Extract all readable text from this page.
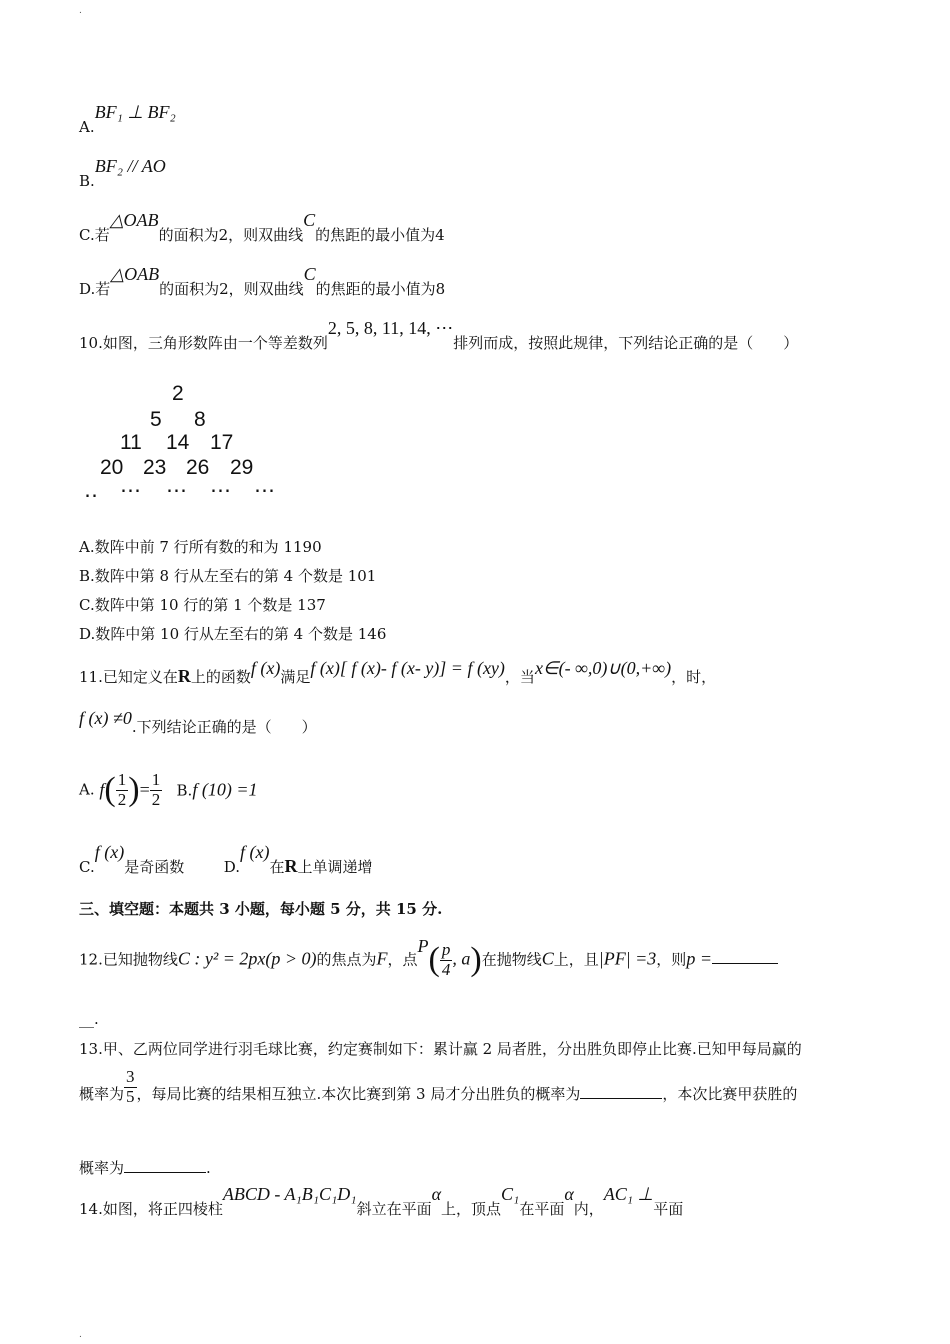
.
A.BF₁ ⊥ BF₂
B.BF₂ // AO
C.若△OAB的面积为2，则双曲线C的焦距的最小值为4
D.若△OAB的面积为2，则双曲线C的焦距的最小值为8
10.如图，三角形数阵由一个等差数列2, 5, 8, 11, 14, ⋯排列而成，按照此规律，下列结论正确的是（　　）
2
5 8
11 14 17
20 23 26 29
‥ ⋯ ⋯ ⋯ ⋯
A.数阵中前 7 行所有数的和为 1190
B.数阵中第 8 行从左至右的第 4 个数是 101
C.数阵中第 10 行的第 1 个数是 137
D.数阵中第 10 行从左至右的第 4 个数是 146
11.已知定义在R上的函数f (x)满足f (x)[ f (x)- f (x- y)] = f (xy)，当x∈(- ∞,0)∪(0,+∞)，时，
f (x) ≠0.下列结论正确的是（　　）
A. $f( \frac{1}{2}$ )= $\frac{1}{2} B.f$ (10) =1
C.f (x)是奇函数	D.f (x)在R上单调递增
三、填空题：本题共 3 小题，每小题 5 分，共 15 分.
12.已知抛物线C : y² = 2px(p > 0)的焦点为F，点$P( \frac{p}{4}$ , a)在抛物线C上，且|PF| =3，则p =
__.
13.甲、乙两位同学进行羽毛球比赛，约定赛制如下：累计赢 2 局者胜，分出胜负即停止比赛.已知甲每局赢的
概率为 $\frac{3}{5}$ ，每局比赛的结果相互独立.本次比赛到第 3 局才分出胜负的概率为	，本次比赛甲获胜的
概率为	.
14.如图，将正四棱柱ABCD - A₁B₁C₁D₁斜立在平面α上，顶点C₁在平面α内，AC₁ ⊥平面
.
